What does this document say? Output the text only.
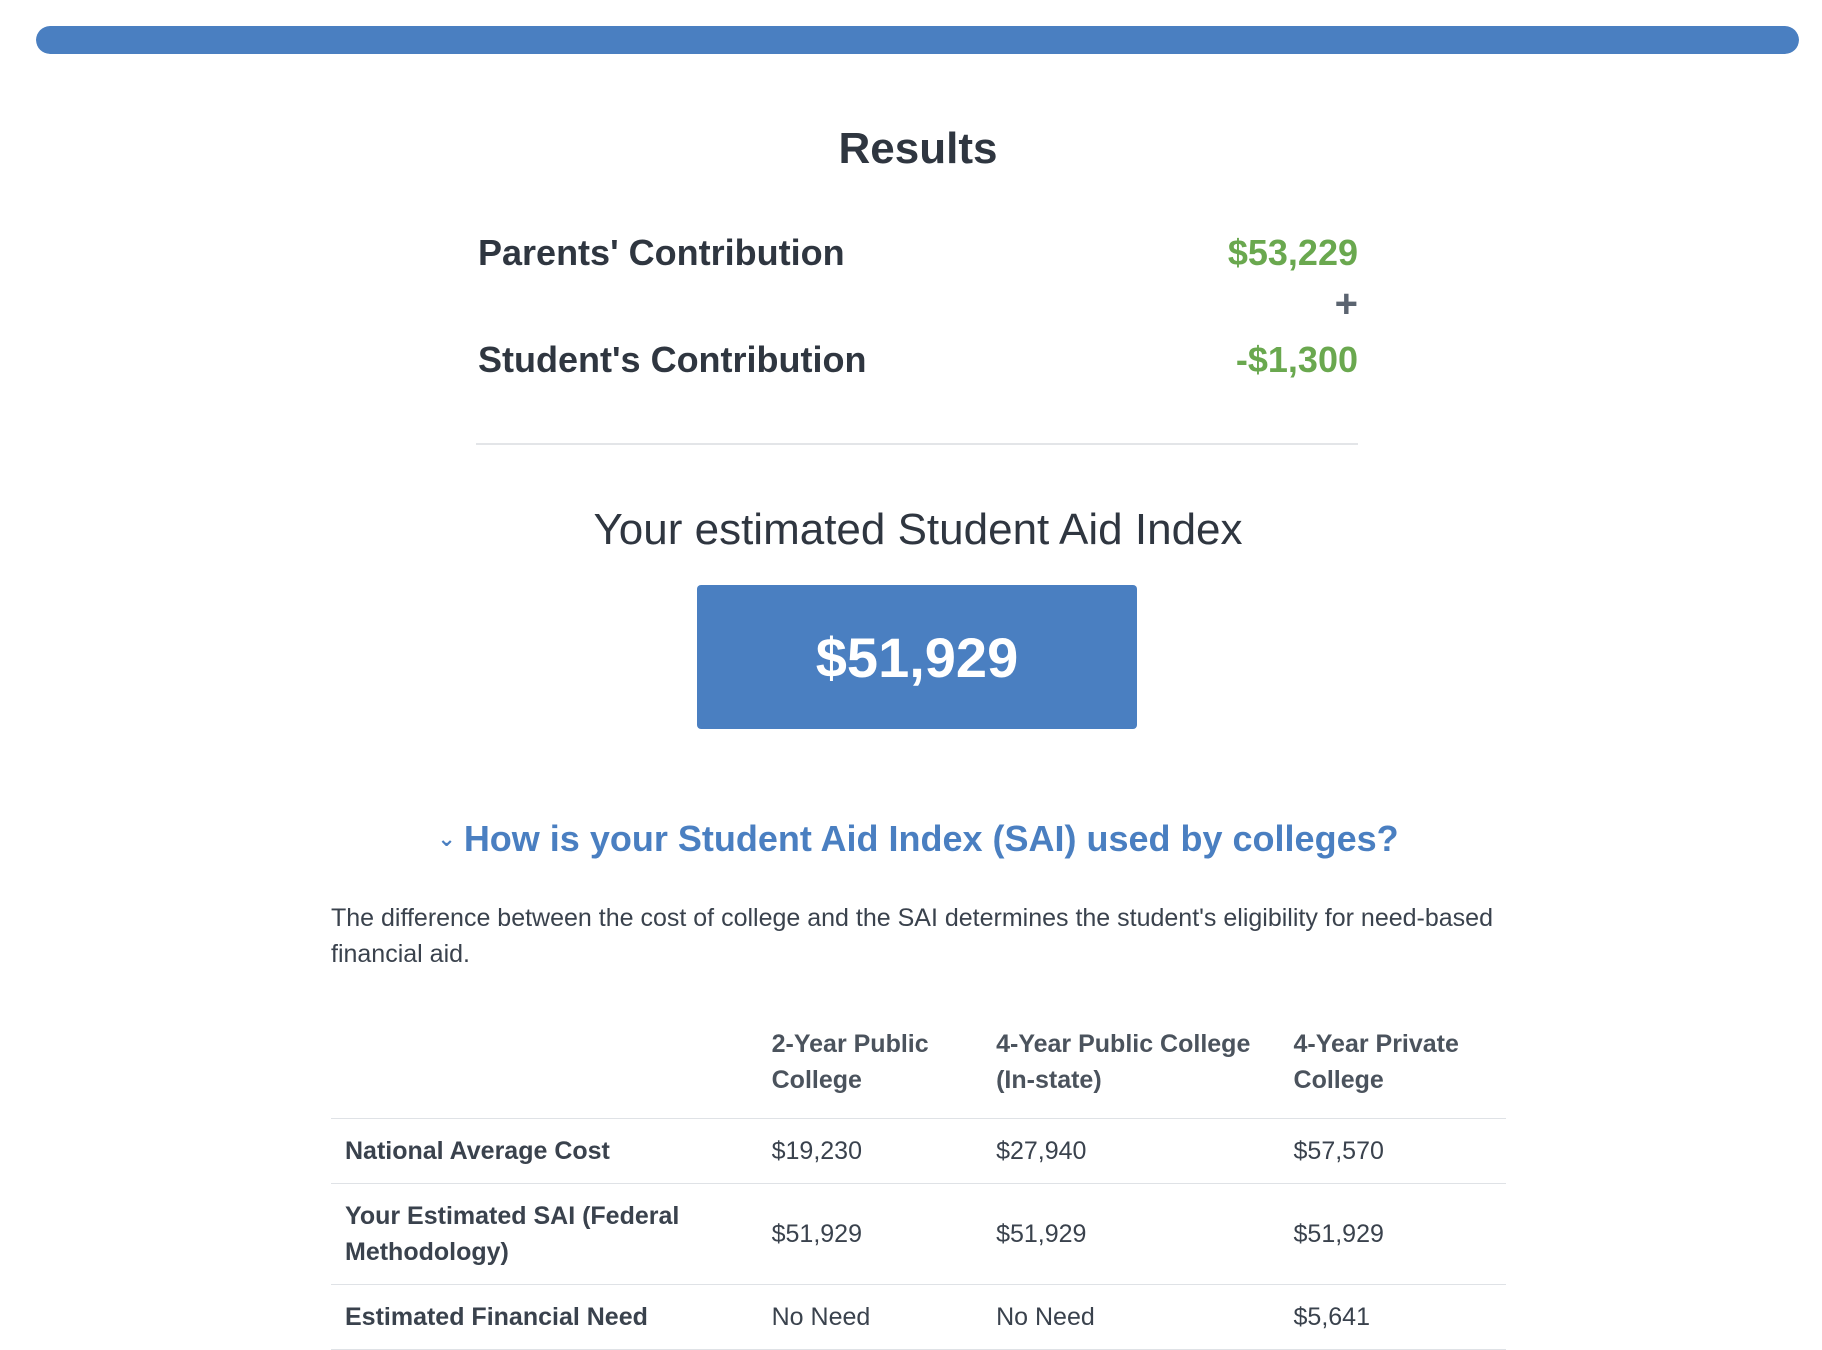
Results
Parents' Contribution	$53,229
+
Student's Contribution	-$1,300
Your estimated Student Aid Index
$51,929
⌄ How is your Student Aid Index (SAI) used by colleges?
The difference between the cost of college and the SAI determines the student's eligibility for need-based financial aid.
	2-Year Public College	4-Year Public College (In-state)	4-Year Private College
National Average Cost	$19,230	$27,940	$57,570
Your Estimated SAI (Federal Methodology)	$51,929	$51,929	$51,929
Estimated Financial Need	No Need	No Need	$5,641
